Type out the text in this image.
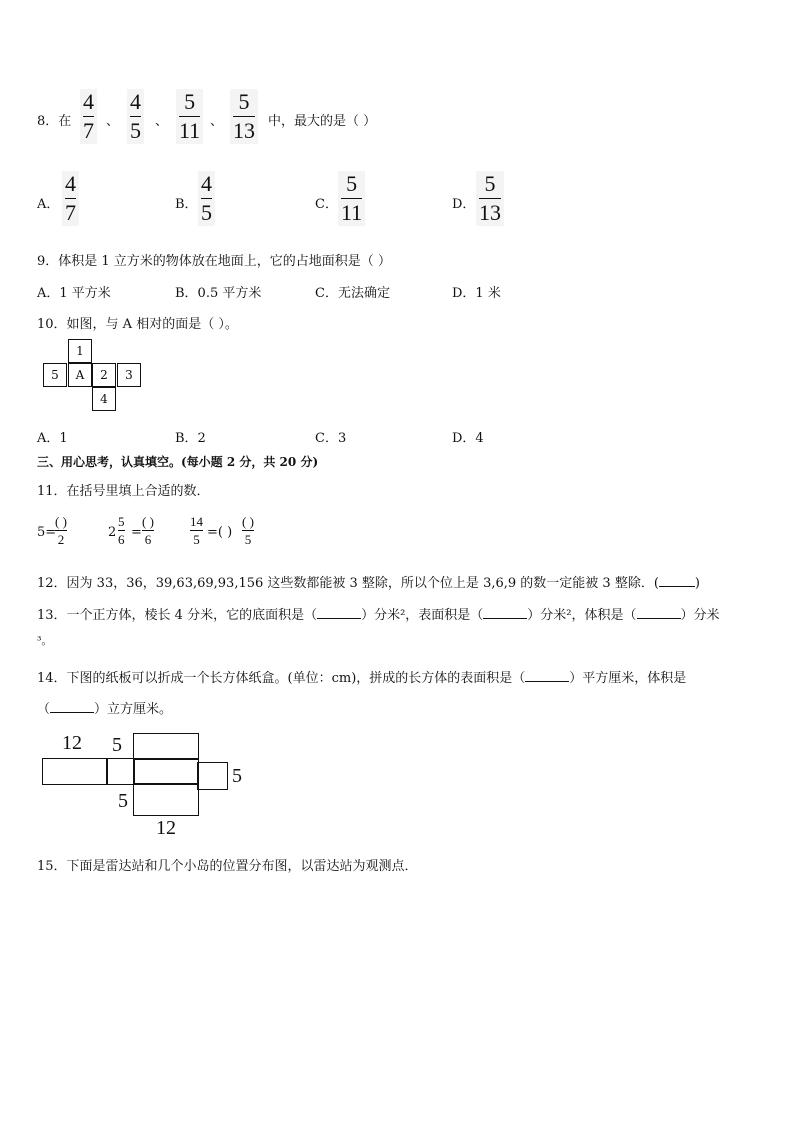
8．在
4
7 、
4
5 、
5
11 、
5
13 中，最大的是（ ）
A．
4
7	B．
4
5	C．
5
11	D．
5
13
9．体积是 1 立方米的物体放在地面上，它的占地面积是（ ）
A．1 平方米	B．0.5 平方米	C．无法确定	D．1 米
10．如图，与 A 相对的面是（ ）。
1
5	A	2	3
4
A．1	B．2	C．3	D．4
三、用心思考，认真填空。(每小题 2 分，共 20 分)
11．在括号里填上合适的数．
5=
( )
2	2
5
6 =
( )
6
14
5 =( )
( )
5
12．因为 33，36，39,63,69,93,156 这些数都能被 3 整除，所以个位上是 3,6,9 的数一定能被 3 整除．(	)
13．一个正方体，棱长 4 分米，它的底面积是（	）分米²，表面积是（	）分米²，体积是（	）分米
³。
14．下图的纸板可以折成一个长方体纸盒。(单位：cm)，拼成的长方体的表面积是（	）平方厘米，体积是
（	）立方厘米。
12 5
5
5
12
15．下面是雷达站和几个小岛的位置分布图，以雷达站为观测点．
